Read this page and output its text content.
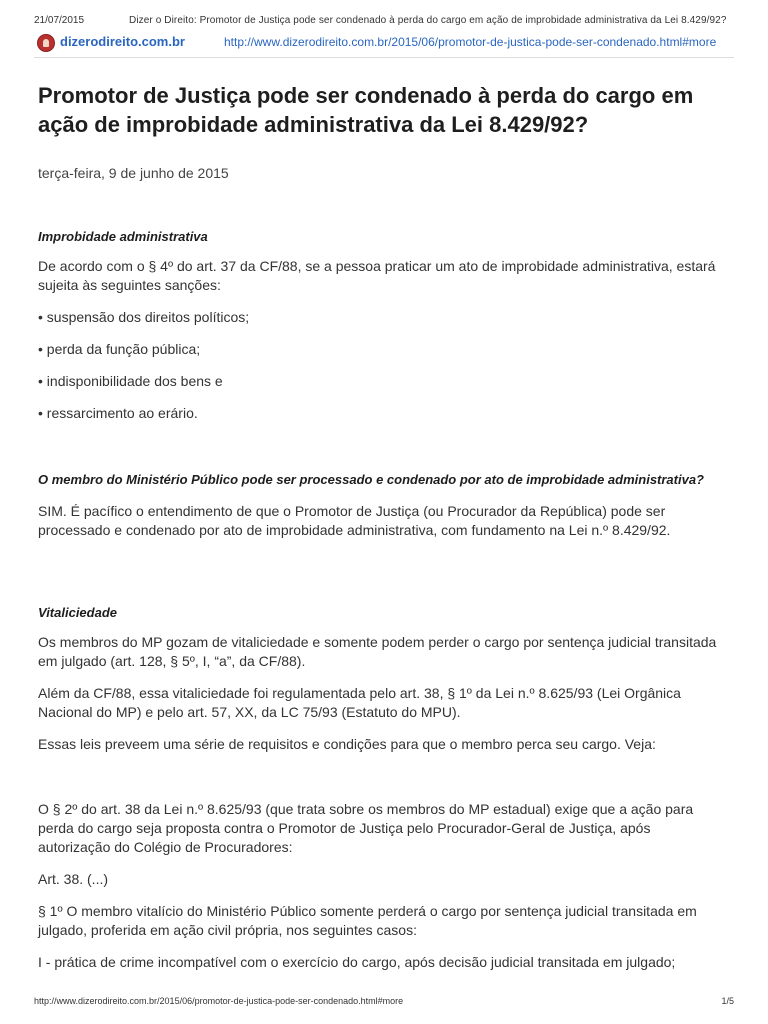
21/07/2015	Dizer o Direito: Promotor de Justiça pode ser condenado à perda do cargo em ação de improbidade administrativa da Lei 8.429/92?
dizerodireito.com.br	http://www.dizerodireito.com.br/2015/06/promotor-de-justica-pode-ser-condenado.html#more
Promotor de Justiça pode ser condenado à perda do cargo em ação de improbidade administrativa da Lei 8.429/92?
terça-feira, 9 de junho de 2015
Improbidade administrativa
De acordo com o § 4º do art. 37 da CF/88, se a pessoa praticar um ato de improbidade administrativa, estará sujeita às seguintes sanções:
• suspensão dos direitos políticos;
• perda da função pública;
• indisponibilidade dos bens e
• ressarcimento ao erário.
O membro do Ministério Público pode ser processado e condenado por ato de improbidade administrativa?
SIM. É pacífico o entendimento de que o Promotor de Justiça (ou Procurador da República) pode ser processado e condenado por ato de improbidade administrativa, com fundamento na Lei n.º 8.429/92.
Vitaliciedade
Os membros do MP gozam de vitaliciedade e somente podem perder o cargo por sentença judicial transitada em julgado (art. 128, § 5º, I, “a”, da CF/88).
Além da CF/88, essa vitaliciedade foi regulamentada pelo art. 38, § 1º da Lei n.º 8.625/93 (Lei Orgânica Nacional do MP) e pelo art. 57, XX, da LC 75/93 (Estatuto do MPU).
Essas leis preveem uma série de requisitos e condições para que o membro perca seu cargo. Veja:
O § 2º do art. 38 da Lei n.º 8.625/93 (que trata sobre os membros do MP estadual) exige que a ação para perda do cargo seja proposta contra o Promotor de Justiça pelo Procurador-Geral de Justiça, após autorização do Colégio de Procuradores:
Art. 38. (...)
§ 1º O membro vitalício do Ministério Público somente perderá o cargo por sentença judicial transitada em julgado, proferida em ação civil própria, nos seguintes casos:
I - prática de crime incompatível com o exercício do cargo, após decisão judicial transitada em julgado;
http://www.dizerodireito.com.br/2015/06/promotor-de-justica-pode-ser-condenado.html#more	1/5
